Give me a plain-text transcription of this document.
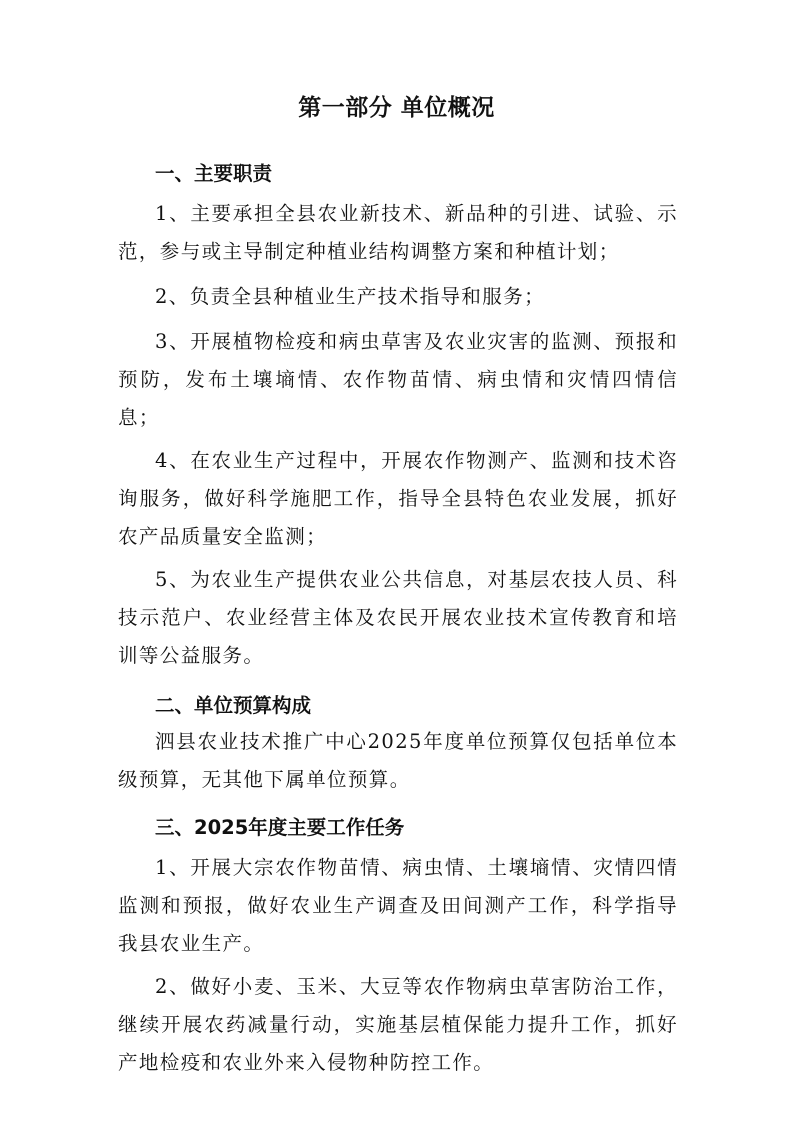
第一部分 单位概况

一、主要职责

1、主要承担全县农业新技术、新品种的引进、试验、示范，参与或主导制定种植业结构调整方案和种植计划；

2、负责全县种植业生产技术指导和服务；

3、开展植物检疫和病虫草害及农业灾害的监测、预报和预防，发布土壤墒情、农作物苗情、病虫情和灾情四情信息；

4、在农业生产过程中，开展农作物测产、监测和技术咨询服务，做好科学施肥工作，指导全县特色农业发展，抓好农产品质量安全监测；

5、为农业生产提供农业公共信息，对基层农技人员、科技示范户、农业经营主体及农民开展农业技术宣传教育和培训等公益服务。

二、单位预算构成

泗县农业技术推广中心2025年度单位预算仅包括单位本级预算，无其他下属单位预算。

三、2025年度主要工作任务

1、开展大宗农作物苗情、病虫情、土壤墒情、灾情四情监测和预报，做好农业生产调查及田间测产工作，科学指导我县农业生产。

2、做好小麦、玉米、大豆等农作物病虫草害防治工作，继续开展农药减量行动，实施基层植保能力提升工作，抓好产地检疫和农业外来入侵物种防控工作。
